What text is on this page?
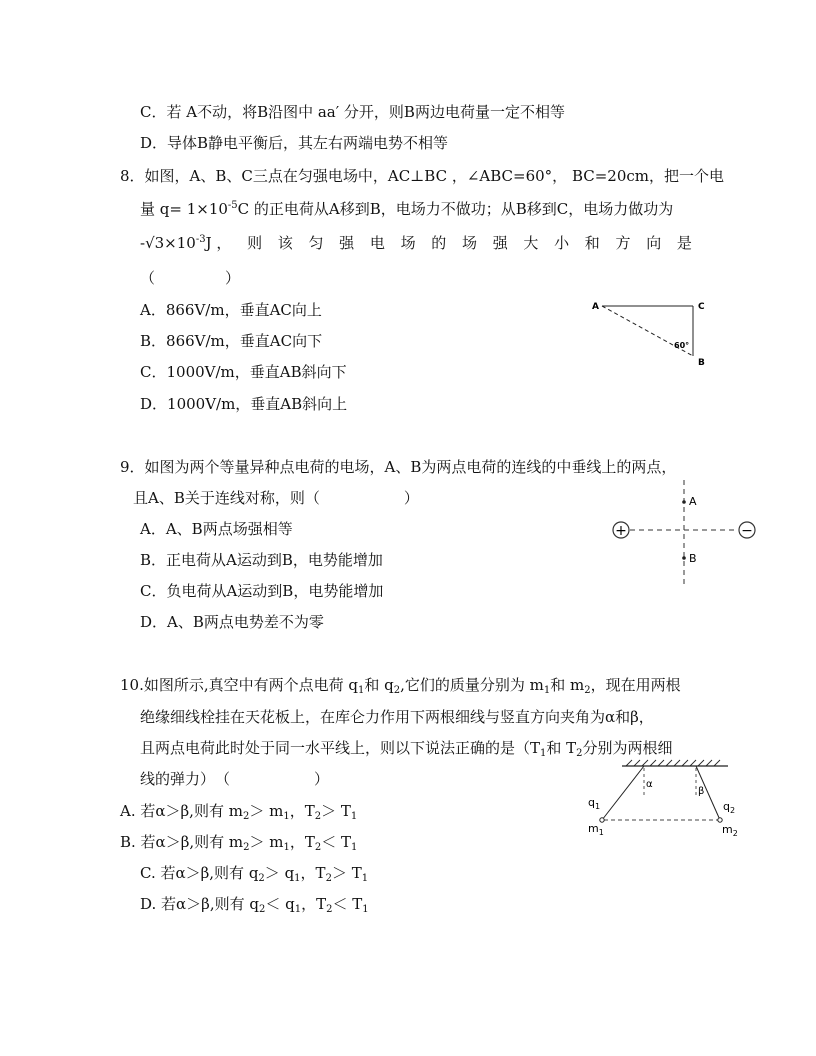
C．若 A不动，将B沿图中 aa′ 分开，则B两边电荷量一定不相等
D．导体B静电平衡后，其左右两端电势不相等
8．如图，A、B、C三点在匀强电场中，AC⊥BC ，∠ABC=60°， BC=20cm，把一个电
量 $q= 1\times 10^{-5}C$ 的正电荷从A移到B，电场力不做功；从B移到C，电场力做功为
$-√3\times 10^{-3}J$ ， 则 该 匀 强 电 场 的 场 强 大 小 和 方 向 是
（	）
A．866V/m，垂直AC向上
B．866V/m，垂直AC向下
C．1000V/m，垂直AB斜向下
D．1000V/m，垂直AB斜向上
A	C
B
60°
9．如图为两个等量异种点电荷的电场，A、B为两点电荷的连线的中垂线上的两点，
且A、B关于连线对称，则（	）
A．A、B两点场强相等
B．正电荷从A运动到B，电势能增加
C．负电荷从A运动到B，电势能增加
D．A、B两点电势差不为零
+	−
A
B
10.如图所示,真空中有两个点电荷 $q_1$和 $q_2$,它们的质量分别为 $m_1$和 $m_2$，现在用两根
绝缘细线栓挂在天花板上，在库仑力作用下两根细线与竖直方向夹角为α和β，
且两点电荷此时处于同一水平线上，则以下说法正确的是（$T_1$和 $T_2$分别为两根细
线的弹力）　（	）
A. 若α＞β,则有 $m_2> m_1$，$T_2> T_1$
B. 若α＞β,则有 $m_2> m_1$，$T_2< T_1$
C. 若α＞β,则有 $q_2> q_1$，$T_2> T_1$
D. 若α＞β,则有 $q_2< q_1$，$T_2< T_1$
α
β
$q_1$	$q_2$
$m_1$	$m_2$
